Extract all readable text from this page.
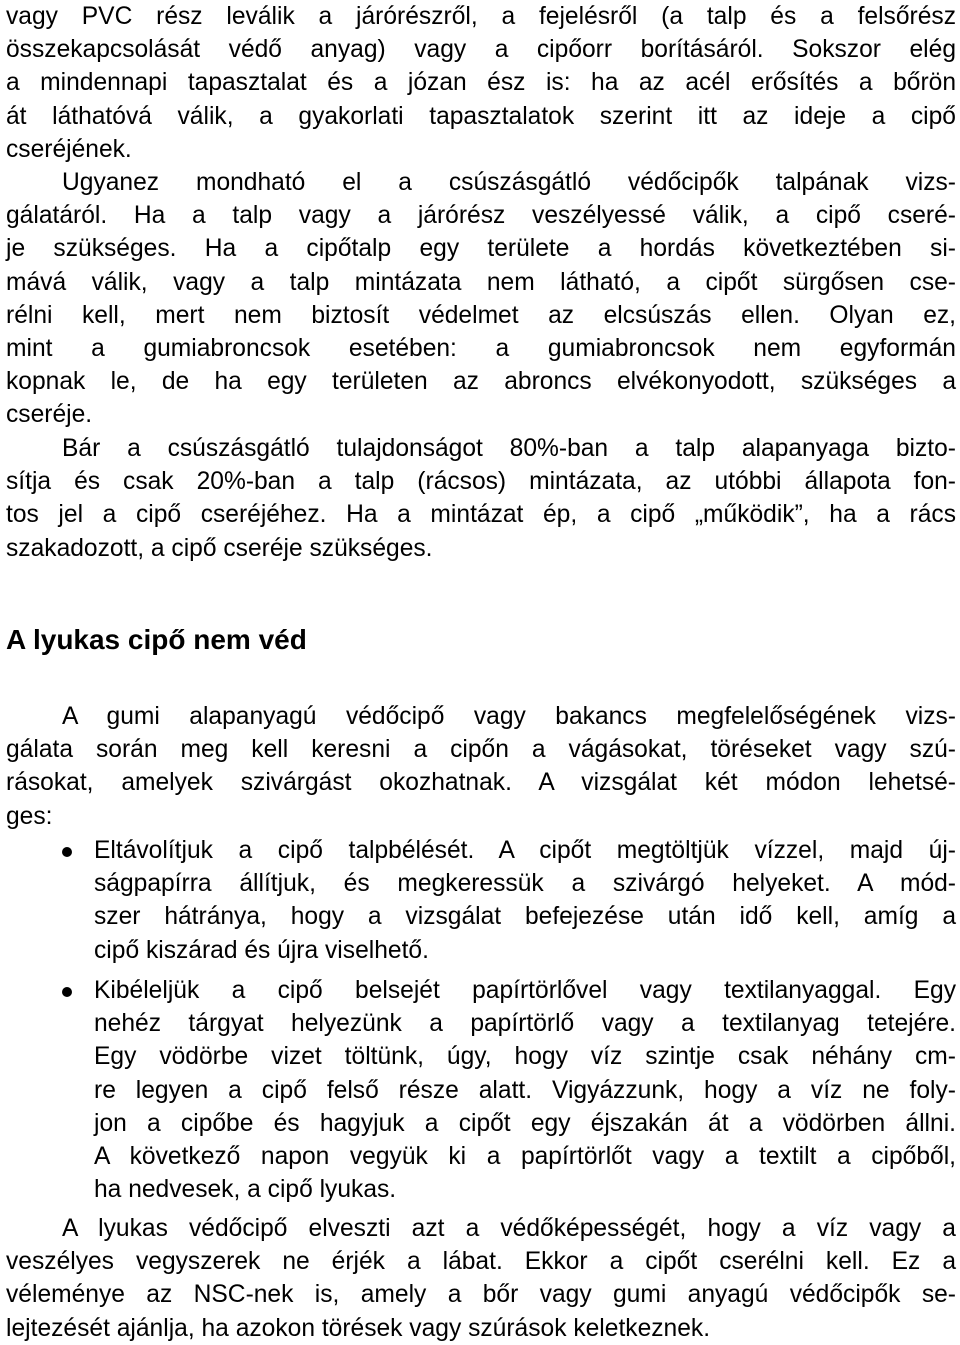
vagy PVC rész leválik a járórészről, a fejelésről (a talp és a felsőrész
összekapcsolását védő anyag) vagy a cipőorr borításáról. Sokszor elég
a mindennapi tapasztalat és a józan ész is: ha az acél erősítés a bőrön
át láthatóvá válik, a gyakorlati tapasztalatok szerint itt az ideje a cipő
cseréjének.
Ugyanez mondható el a csúszásgátló védőcipők talpának vizs-
gálatáról. Ha a talp vagy a járórész veszélyessé válik, a cipő cseré-
je szükséges. Ha a cipőtalp egy területe a hordás következtében si-
mává válik, vagy a talp mintázata nem látható, a cipőt sürgősen cse-
rélni kell, mert nem biztosít védelmet az elcsúszás ellen. Olyan ez,
mint a gumiabroncsok esetében: a gumiabroncsok nem egyformán
kopnak le, de ha egy területen az abroncs elvékonyodott, szükséges a
cseréje.
Bár a csúszásgátló tulajdonságot 80%-ban a talp alapanyaga bizto-
sítja és csak 20%-ban a talp (rácsos) mintázata, az utóbbi állapota fon-
tos jel a cipő cseréjéhez. Ha a mintázat ép, a cipő „működik”, ha a rács
szakadozott, a cipő cseréje szükséges.
A lyukas cipő nem véd
A gumi alapanyagú védőcipő vagy bakancs megfelelőségének vizs-
gálata során meg kell keresni a cipőn a vágásokat, töréseket vagy szú-
rásokat, amelyek szivárgást okozhatnak. A vizsgálat két módon lehetsé-
ges:
Eltávolítjuk a cipő talpbélését. A cipőt megtöltjük vízzel, majd új-
ságpapírra állítjuk, és megkeressük a szivárgó helyeket. A mód-
szer hátránya, hogy a vizsgálat befejezése után idő kell, amíg a
cipő kiszárad és újra viselhető.
Kibéleljük a cipő belsejét papírtörlővel vagy textilanyaggal. Egy
nehéz tárgyat helyezünk a papírtörlő vagy a textilanyag tetejére.
Egy vödörbe vizet töltünk, úgy, hogy víz szintje csak néhány cm-
re legyen a cipő felső része alatt. Vigyázzunk, hogy a víz ne foly-
jon a cipőbe és hagyjuk a cipőt egy éjszakán át a vödörben állni.
A következő napon vegyük ki a papírtörlőt vagy a textilt a cipőből,
ha nedvesek, a cipő lyukas.
A lyukas védőcipő elveszti azt a védőképességét, hogy a víz vagy a
veszélyes vegyszerek ne érjék a lábat. Ekkor a cipőt cserélni kell. Ez a
véleménye az NSC-nek is, amely a bőr vagy gumi anyagú védőcipők se-
lejtezését ajánlja, ha azokon törések vagy szúrások keletkeznek.
